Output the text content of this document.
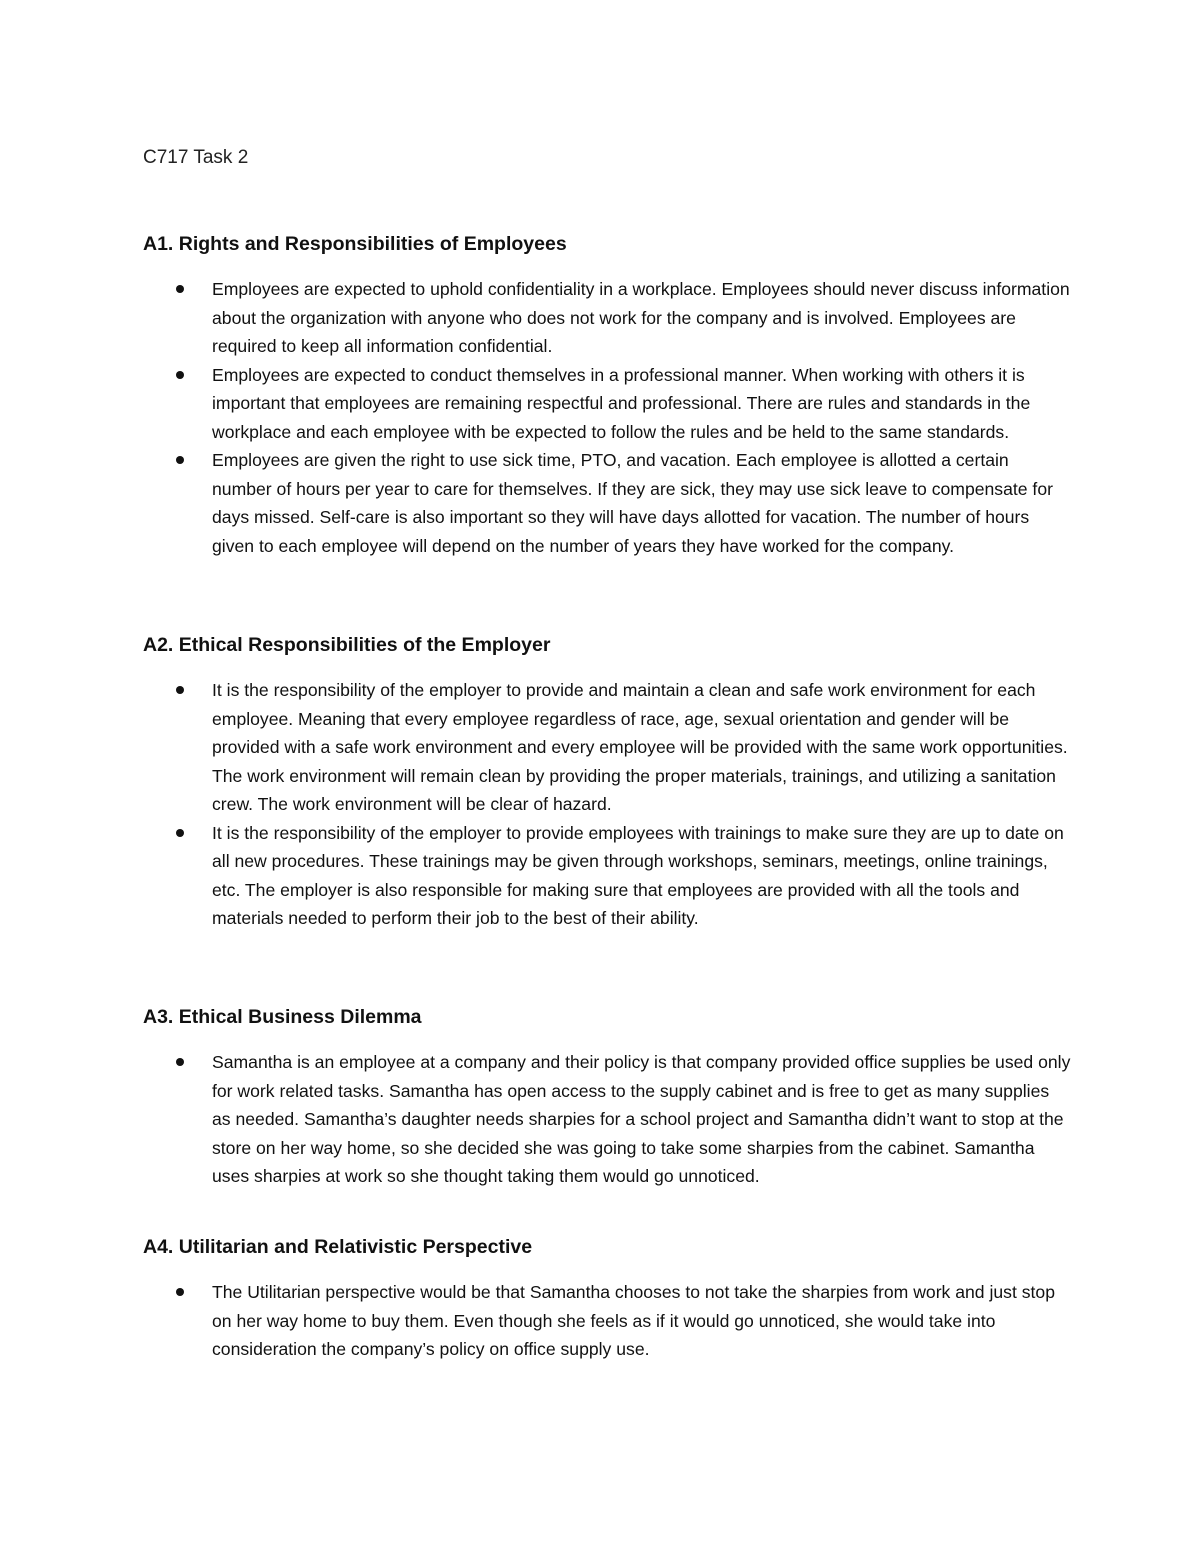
C717 Task 2
A1. Rights and Responsibilities of Employees
Employees are expected to uphold confidentiality in a workplace. Employees should never discuss information about the organization with anyone who does not work for the company and is involved. Employees are required to keep all information confidential.
Employees are expected to conduct themselves in a professional manner. When working with others it is important that employees are remaining respectful and professional. There are rules and standards in the workplace and each employee with be expected to follow the rules and be held to the same standards.
Employees are given the right to use sick time, PTO, and vacation. Each employee is allotted a certain number of hours per year to care for themselves. If they are sick, they may use sick leave to compensate for days missed. Self-care is also important so they will have days allotted for vacation. The number of hours given to each employee will depend on the number of years they have worked for the company.
A2. Ethical Responsibilities of the Employer
It is the responsibility of the employer to provide and maintain a clean and safe work environment for each employee. Meaning that every employee regardless of race, age, sexual orientation and gender will be provided with a safe work environment and every employee will be provided with the same work opportunities. The work environment will remain clean by providing the proper materials, trainings, and utilizing a sanitation crew. The work environment will be clear of hazard.
It is the responsibility of the employer to provide employees with trainings to make sure they are up to date on all new procedures. These trainings may be given through workshops, seminars, meetings, online trainings, etc. The employer is also responsible for making sure that employees are provided with all the tools and materials needed to perform their job to the best of their ability.
A3. Ethical Business Dilemma
Samantha is an employee at a company and their policy is that company provided office supplies be used only for work related tasks. Samantha has open access to the supply cabinet and is free to get as many supplies as needed. Samantha’s daughter needs sharpies for a school project and Samantha didn’t want to stop at the store on her way home, so she decided she was going to take some sharpies from the cabinet. Samantha uses sharpies at work so she thought taking them would go unnoticed.
A4. Utilitarian and Relativistic Perspective
The Utilitarian perspective would be that Samantha chooses to not take the sharpies from work and just stop on her way home to buy them. Even though she feels as if it would go unnoticed, she would take into consideration the company’s policy on office supply use.
